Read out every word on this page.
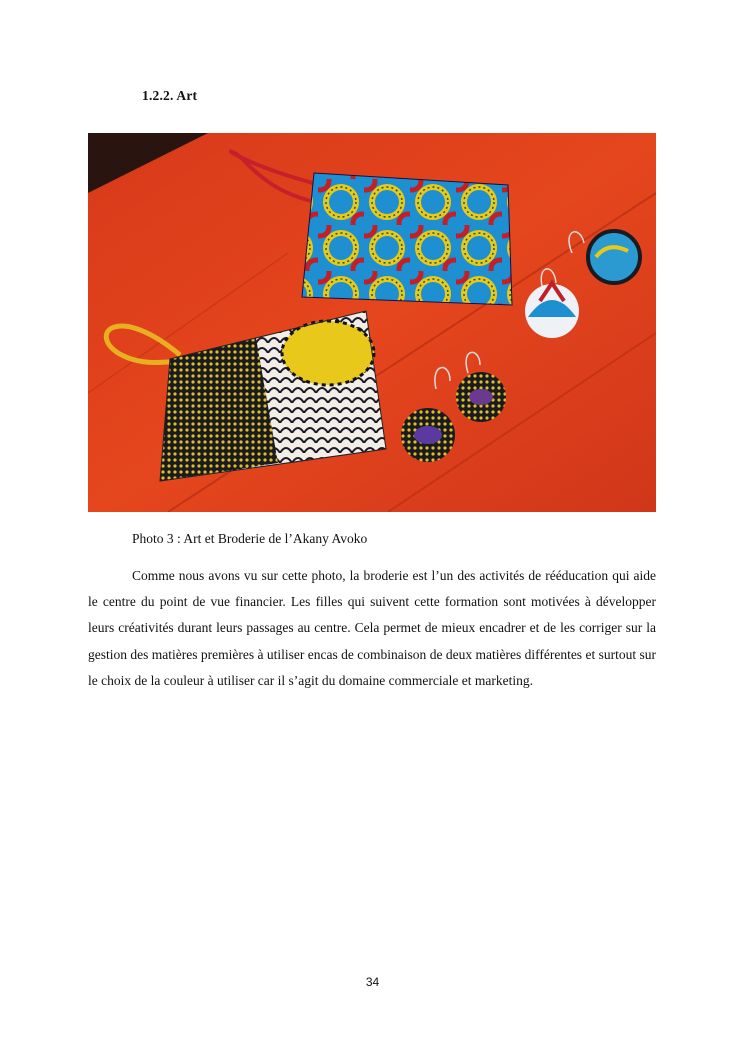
1.2.2. Art
Photo 3 : Art et Broderie de l’Akany Avoko

Comme nous avons vu sur cette photo, la broderie est l’un des activités de rééducation qui aide le centre du point de vue financier. Les filles qui suivent cette formation sont motivées à développer leurs créativités durant leurs passages au centre. Cela permet de mieux encadrer et de les corriger sur la gestion des matières premières à utiliser encas de combinaison de deux matières différentes et surtout sur le choix de la couleur à utiliser car il s’agit du domaine commerciale et marketing.

34
